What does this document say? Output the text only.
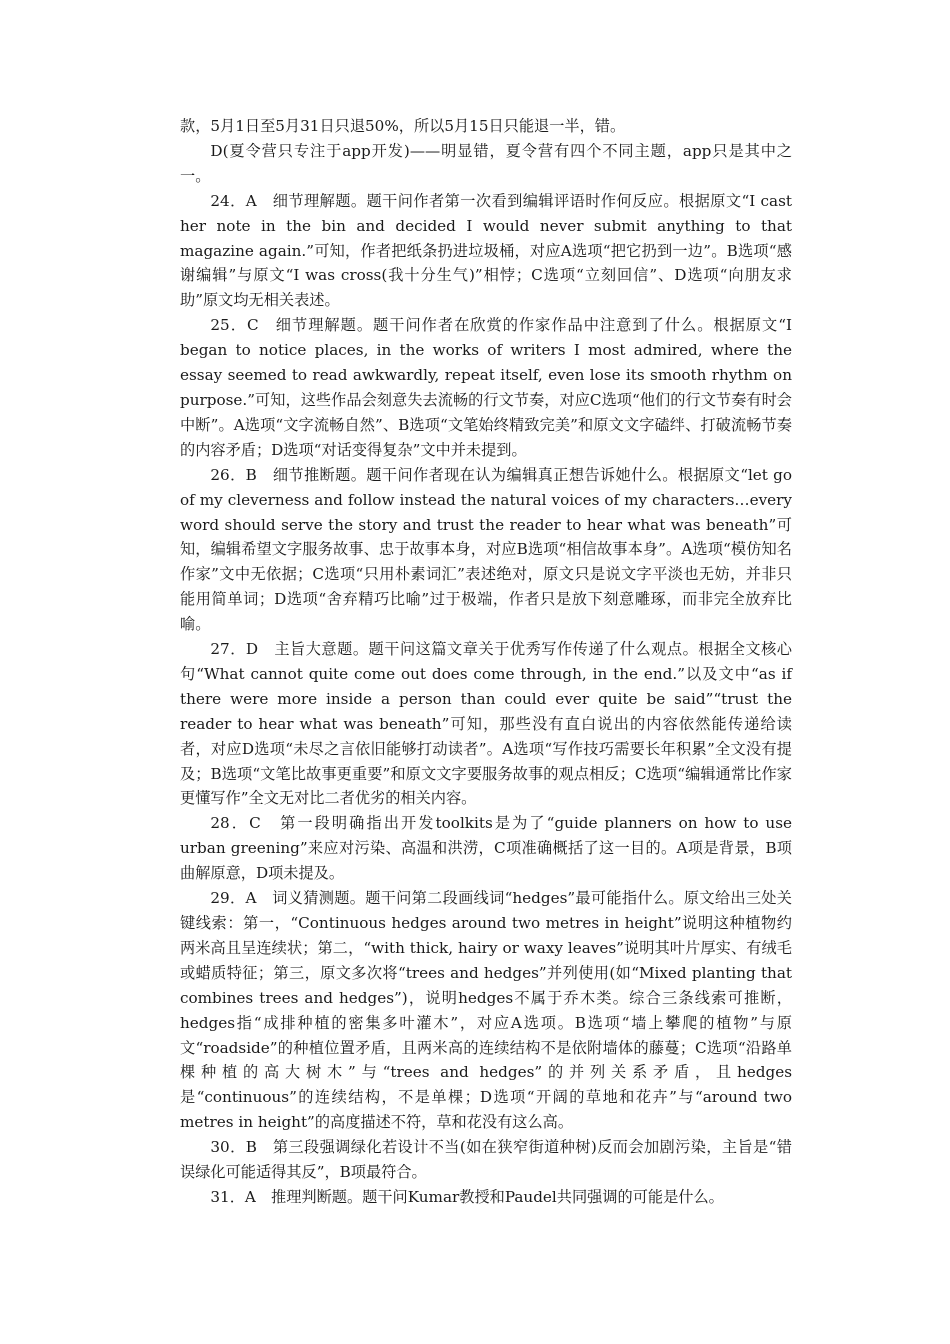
款，5月1日至5月31日只退50%，所以5月15日只能退一半，错。

D(夏令营只专注于app开发)——明显错，夏令营有四个不同主题，app只是其中之一。

24．A　细节理解题。题干问作者第一次看到编辑评语时作何反应。根据原文“I cast her note in the bin and decided I would never submit anything to that magazine again.”可知，作者把纸条扔进垃圾桶，对应A选项“把它扔到一边”。B选项“感谢编辑”与原文“I was cross(我十分生气)”相悖；C选项“立刻回信”、D选项“向朋友求助”原文均无相关表述。

25．C　细节理解题。题干问作者在欣赏的作家作品中注意到了什么。根据原文“I began to notice places, in the works of writers I most admired, where the essay seemed to read awkwardly, repeat itself, even lose its smooth rhythm on purpose.”可知，这些作品会刻意失去流畅的行文节奏，对应C选项“他们的行文节奏有时会中断”。A选项“文字流畅自然”、B选项“文笔始终精致完美”和原文文字磕绊、打破流畅节奏的内容矛盾；D选项“对话变得复杂”文中并未提到。

26．B　细节推断题。题干问作者现在认为编辑真正想告诉她什么。根据原文“let go of my cleverness and follow instead the natural voices of my characters…every word should serve the story and trust the reader to hear what was beneath”可知，编辑希望文字服务故事、忠于故事本身，对应B选项“相信故事本身”。A选项“模仿知名作家”文中无依据；C选项“只用朴素词汇”表述绝对，原文只是说文字平淡也无妨，并非只能用简单词；D选项“舍弃精巧比喻”过于极端，作者只是放下刻意雕琢，而非完全放弃比喻。

27．D　主旨大意题。题干问这篇文章关于优秀写作传递了什么观点。根据全文核心句“What cannot quite come out does come through, in the end.”以及文中“as if there were more inside a person than could ever quite be said”“trust the reader to hear what was beneath”可知，那些没有直白说出的内容依然能传递给读者，对应D选项“未尽之言依旧能够打动读者”。A选项“写作技巧需要长年积累”全文没有提及；B选项“文笔比故事更重要”和原文文字要服务故事的观点相反；C选项“编辑通常比作家更懂写作”全文无对比二者优劣的相关内容。

28．C　第一段明确指出开发toolkits是为了“guide planners on how to use urban greening”来应对污染、高温和洪涝，C项准确概括了这一目的。A项是背景，B项曲解原意，D项未提及。

29．A　词义猜测题。题干问第二段画线词“hedges”最可能指什么。原文给出三处关键线索：第一，“Continuous hedges around two metres in height”说明这种植物约两米高且呈连续状；第二，“with thick, hairy or waxy leaves”说明其叶片厚实、有绒毛或蜡质特征；第三，原文多次将“trees and hedges”并列使用(如“Mixed planting that combines trees and hedges”)，说明hedges不属于乔木类。综合三条线索可推断，hedges指“成排种植的密集多叶灌木”，对应A选项。B选项“墙上攀爬的植物”与原文“roadside”的种植位置矛盾，且两米高的连续结构不是依附墙体的藤蔓；C选项“沿路单棵种植的高大树木”与“trees and hedges”的并列关系矛盾，且hedges是“continuous”的连续结构，不是单棵；D选项“开阔的草地和花卉”与“around two metres in height”的高度描述不符，草和花没有这么高。

30．B　第三段强调绿化若设计不当(如在狭窄街道种树)反而会加剧污染，主旨是“错误绿化可能适得其反”，B项最符合。

31．A　推理判断题。题干问Kumar教授和Paudel共同强调的可能是什么。
